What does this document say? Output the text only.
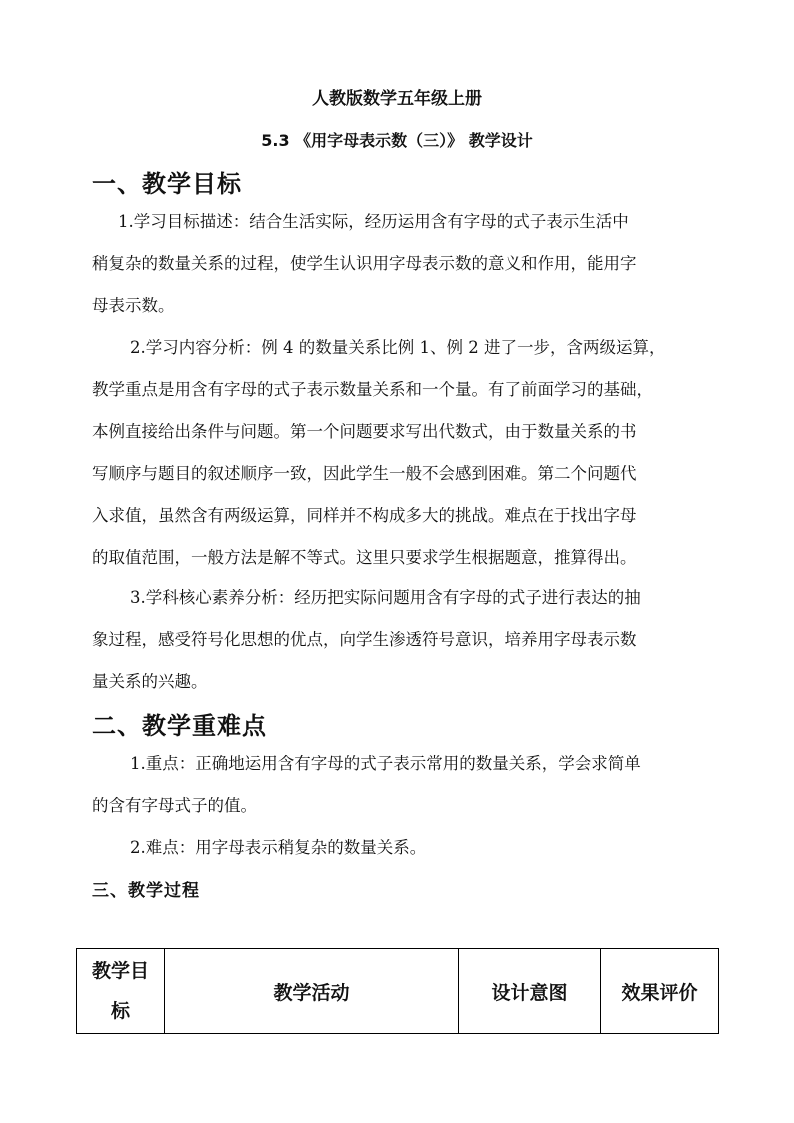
人教版数学五年级上册
5.3 《用字母表示数（三）》 教学设计
一、教学目标
1.学习目标描述：结合生活实际，经历运用含有字母的式子表示生活中
稍复杂的数量关系的过程，使学生认识用字母表示数的意义和作用，能用字
母表示数。
2.学习内容分析：例 4 的数量关系比例 1、例 2 进了一步，含两级运算，
教学重点是用含有字母的式子表示数量关系和一个量。有了前面学习的基础，
本例直接给出条件与问题。第一个问题要求写出代数式，由于数量关系的书
写顺序与题目的叙述顺序一致，因此学生一般不会感到困难。第二个问题代
入求值，虽然含有两级运算，同样并不构成多大的挑战。难点在于找出字母
的取值范围，一般方法是解不等式。这里只要求学生根据题意，推算得出。
3.学科核心素养分析：经历把实际问题用含有字母的式子进行表达的抽
象过程，感受符号化思想的优点，向学生渗透符号意识，培养用字母表示数
量关系的兴趣。
二、教学重难点
1.重点：正确地运用含有字母的式子表示常用的数量关系，学会求简单
的含有字母式子的值。
2.难点：用字母表示稍复杂的数量关系。
三、教学过程
教学目标	教学活动	设计意图	效果评价
